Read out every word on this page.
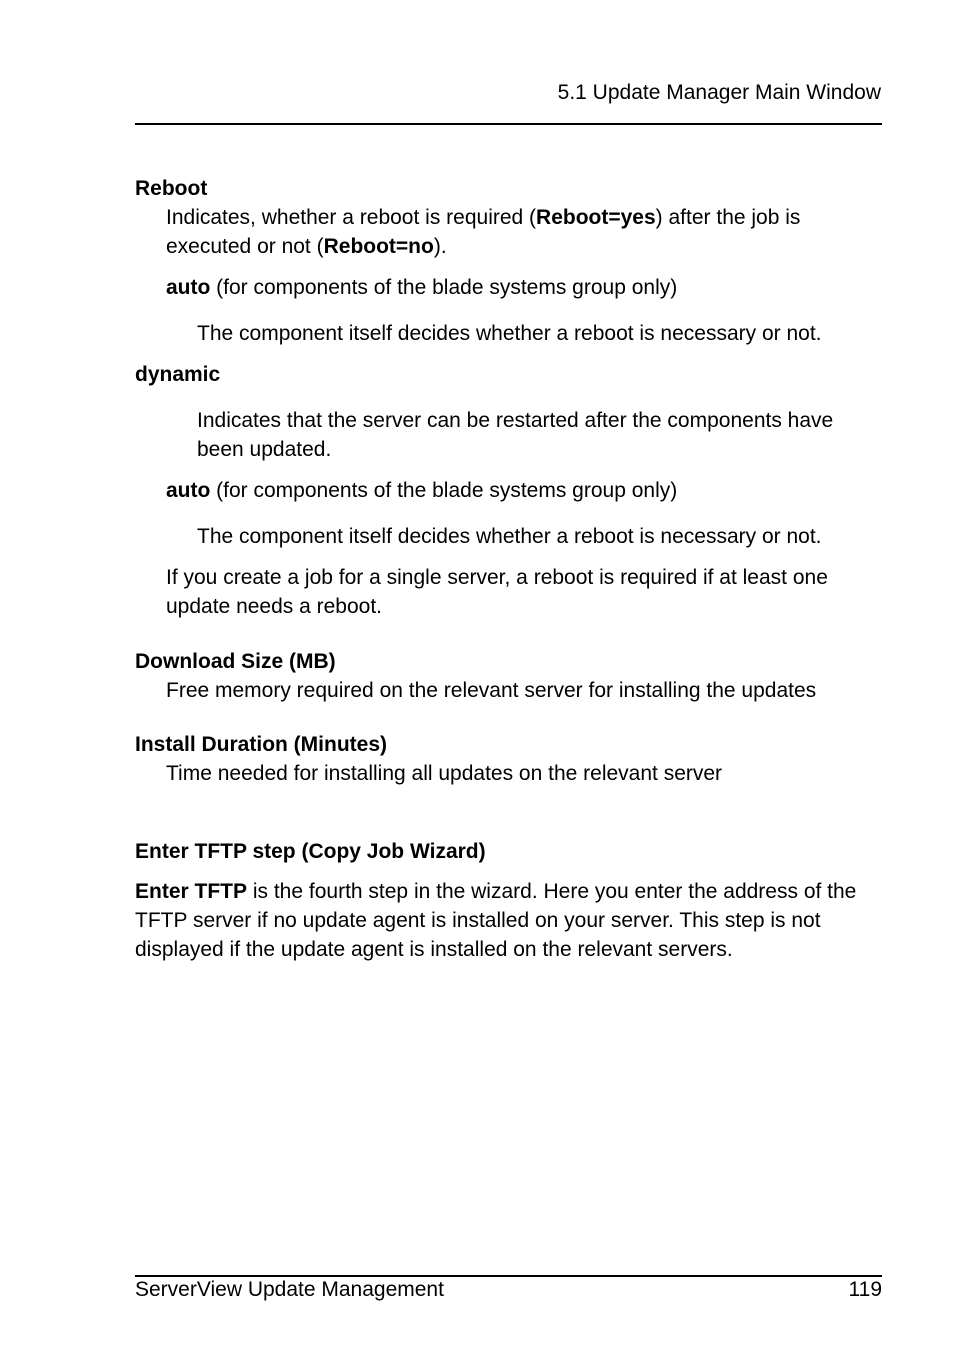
5.1 Update Manager Main Window
Reboot
Indicates, whether a reboot is required (Reboot=yes) after the job is executed or not (Reboot=no).
auto (for components of the blade systems group only)
The component itself decides whether a reboot is necessary or not.
dynamic
Indicates that the server can be restarted after the components have been updated.
auto (for components of the blade systems group only)
The component itself decides whether a reboot is necessary or not.
If you create a job for a single server, a reboot is required if at least one update needs a reboot.
Download Size (MB)
Free memory required on the relevant server for installing the updates
Install Duration (Minutes)
Time needed for installing all updates on the relevant server
Enter TFTP step (Copy Job Wizard)
Enter TFTP is the fourth step in the wizard. Here you enter the address of the TFTP server if no update agent is installed on your server. This step is not displayed if the update agent is installed on the relevant servers.
ServerView Update Management	119
